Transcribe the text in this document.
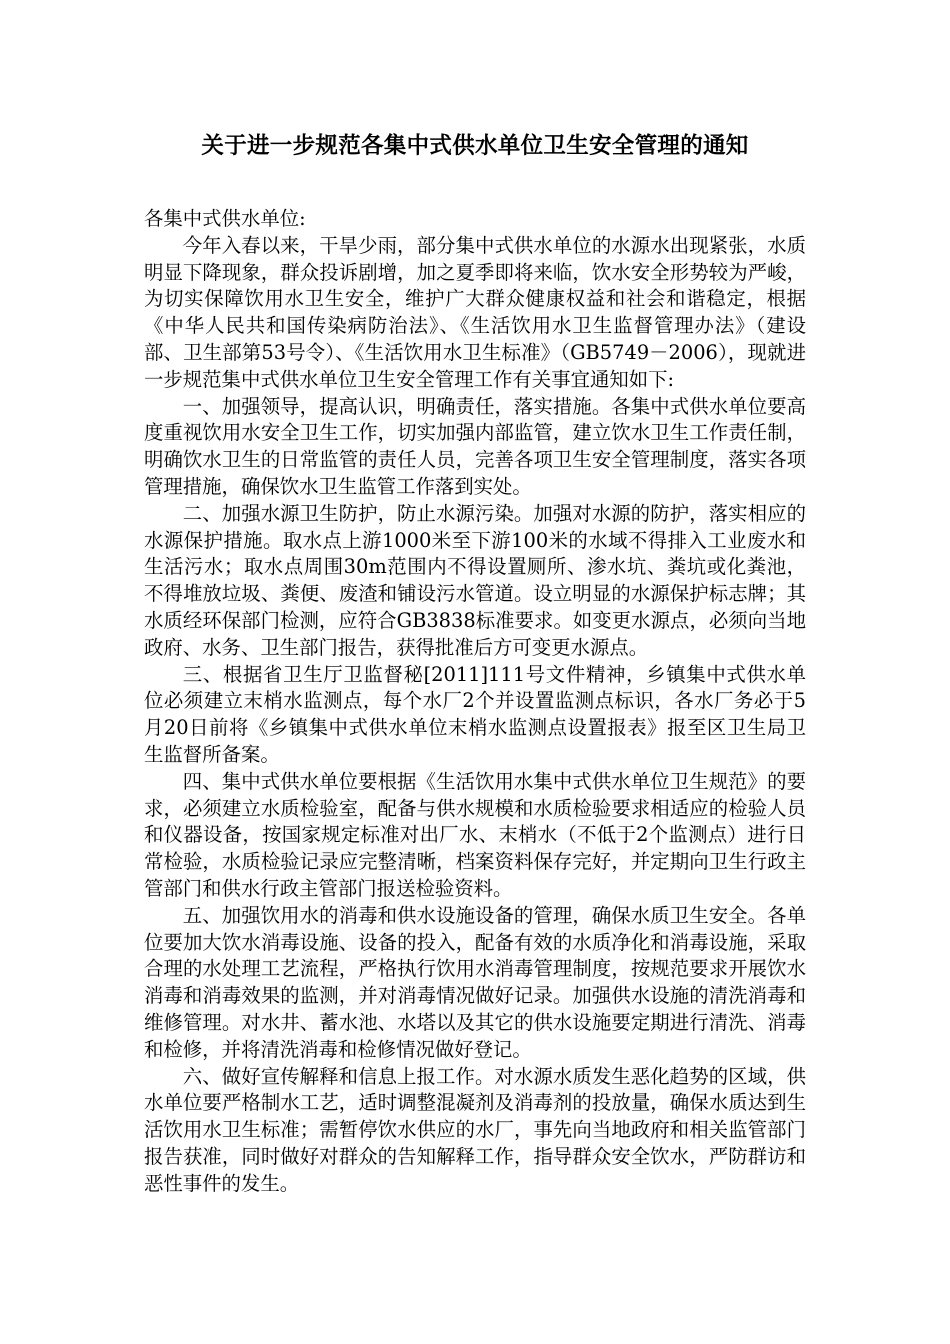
关于进一步规范各集中式供水单位卫生安全管理的通知

各集中式供水单位:

今年入春以来，干旱少雨，部分集中式供水单位的水源水出现紧张，水质明显下降现象，群众投诉剧增，加之夏季即将来临，饮水安全形势较为严峻，为切实保障饮用水卫生安全，维护广大群众健康权益和社会和谐稳定，根据《中华人民共和国传染病防治法》、《生活饮用水卫生监督管理办法》（建设部、卫生部第53号令）、《生活饮用水卫生标准》（GB5749－2006），现就进一步规范集中式供水单位卫生安全管理工作有关事宜通知如下:

一、加强领导，提高认识，明确责任，落实措施。各集中式供水单位要高度重视饮用水安全卫生工作，切实加强内部监管，建立饮水卫生工作责任制，明确饮水卫生的日常监管的责任人员，完善各项卫生安全管理制度，落实各项管理措施，确保饮水卫生监管工作落到实处。

二、加强水源卫生防护，防止水源污染。加强对水源的防护，落实相应的水源保护措施。取水点上游1000米至下游100米的水域不得排入工业废水和生活污水；取水点周围30m范围内不得设置厕所、渗水坑、粪坑或化粪池，不得堆放垃圾、粪便、废渣和铺设污水管道。设立明显的水源保护标志牌；其水质经环保部门检测，应符合GB3838标准要求。如变更水源点，必须向当地政府、水务、卫生部门报告，获得批准后方可变更水源点。

三、根据省卫生厅卫监督秘[2011]111号文件精神，乡镇集中式供水单位必须建立末梢水监测点，每个水厂2个并设置监测点标识，各水厂务必于5月20日前将《乡镇集中式供水单位末梢水监测点设置报表》报至区卫生局卫生监督所备案。

四、集中式供水单位要根据《生活饮用水集中式供水单位卫生规范》的要求，必须建立水质检验室，配备与供水规模和水质检验要求相适应的检验人员和仪器设备，按国家规定标准对出厂水、末梢水（不低于2个监测点）进行日常检验，水质检验记录应完整清晰，档案资料保存完好，并定期向卫生行政主管部门和供水行政主管部门报送检验资料。

五、加强饮用水的消毒和供水设施设备的管理，确保水质卫生安全。各单位要加大饮水消毒设施、设备的投入，配备有效的水质净化和消毒设施，采取合理的水处理工艺流程，严格执行饮用水消毒管理制度，按规范要求开展饮水消毒和消毒效果的监测，并对消毒情况做好记录。加强供水设施的清洗消毒和维修管理。对水井、蓄水池、水塔以及其它的供水设施要定期进行清洗、消毒和检修，并将清洗消毒和检修情况做好登记。

六、做好宣传解释和信息上报工作。对水源水质发生恶化趋势的区域，供水单位要严格制水工艺，适时调整混凝剂及消毒剂的投放量，确保水质达到生活饮用水卫生标准；需暂停饮水供应的水厂，事先向当地政府和相关监管部门报告获准，同时做好对群众的告知解释工作，指导群众安全饮水，严防群访和恶性事件的发生。
